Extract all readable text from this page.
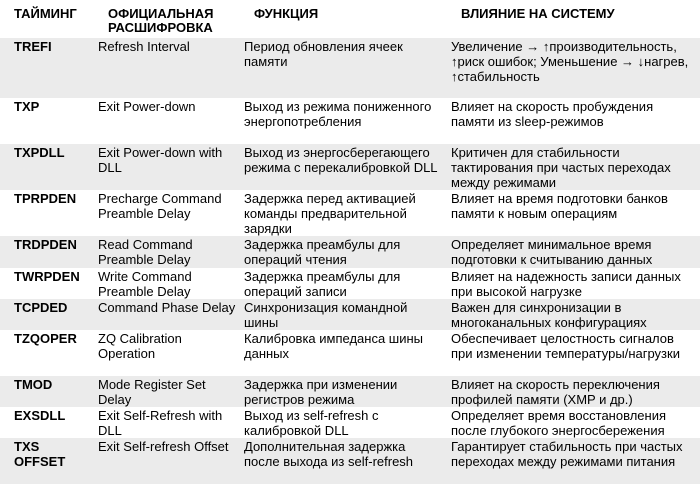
ТАЙМИНГ	ОФИЦИАЛЬНАЯ РАСШИФРОВКА	ФУНКЦИЯ	ВЛИЯНИЕ НА СИСТЕМУ
TREFI	Refresh Interval	Период обновления ячеек памяти	Увеличение → ↑производительность, ↑риск ошибок; Уменьшение → ↓нагрев, ↑стабильность
TXP	Exit Power-down	Выход из режима пониженного энергопотребления	Влияет на скорость пробуждения памяти из sleep-режимов
TXPDLL	Exit Power-down with DLL	Выход из энергосберегающего режима с перекалибровкой DLL	Критичен для стабильности тактирования при частых переходах между режимами
TPRPDEN	Precharge Command Preamble Delay	Задержка перед активацией команды предварительной зарядки	Влияет на время подготовки банков памяти к новым операциям
TRDPDEN	Read Command Preamble Delay	Задержка преамбулы для операций чтения	Определяет минимальное время подготовки к считыванию данных
TWRPDEN	Write Command Preamble Delay	Задержка преамбулы для операций записи	Влияет на надежность записи данных при высокой нагрузке
TCPDED	Command Phase Delay	Синхронизация командной шины	Важен для синхронизации в многоканальных конфигурациях
TZQOPER	ZQ Calibration Operation	Калибровка импеданса шины данных	Обеспечивает целостность сигналов при изменении температуры/нагрузки
TMOD	Mode Register Set Delay	Задержка при изменении регистров режима	Влияет на скорость переключения профилей памяти (XMP и др.)
EXSDLL	Exit Self-Refresh with DLL	Выход из self-refresh с калибровкой DLL	Определяет время восстановления после глубокого энергосбережения
TXS OFFSET	Exit Self-refresh Offset	Дополнительная задержка после выхода из self-refresh	Гарантирует стабильность при частых переходах между режимами питания
